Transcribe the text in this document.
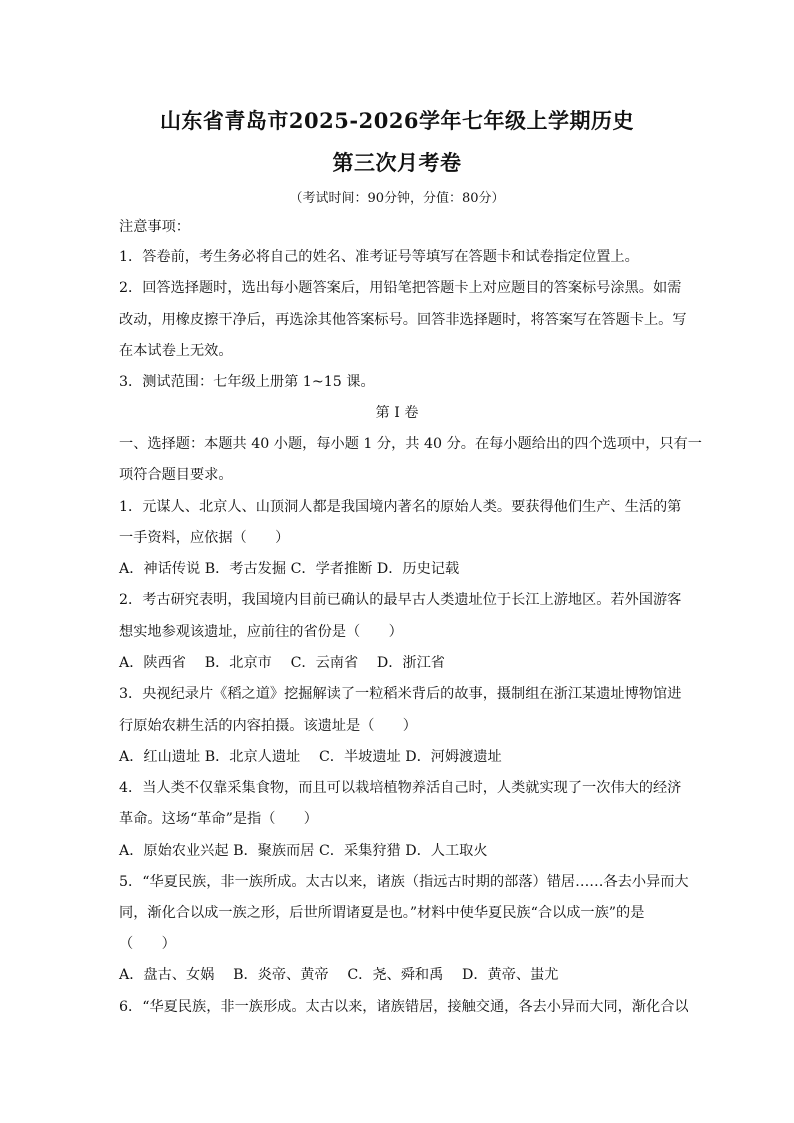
山东省青岛市2025-2026学年七年级上学期历史
第三次月考卷
（考试时间：90分钟，分值：80分）
注意事项：
1．答卷前，考生务必将自己的姓名、准考证号等填写在答题卡和试卷指定位置上。
2．回答选择题时，选出每小题答案后，用铅笔把答题卡上对应题目的答案标号涂黑。如需
改动，用橡皮擦干净后，再选涂其他答案标号。回答非选择题时，将答案写在答题卡上。写
在本试卷上无效。
3．测试范围：七年级上册第 1~15 课。
第 I 卷
一、选择题：本题共 40 小题，每小题 1 分，共 40 分。在每小题给出的四个选项中，只有一
项符合题目要求。
1．元谋人、北京人、山顶洞人都是我国境内著名的原始人类。要获得他们生产、生活的第
一手资料，应依据（　　）
A．神话传说 B．考古发掘 C．学者推断 D．历史记载
2．考古研究表明，我国境内目前已确认的最早古人类遗址位于长江上游地区。若外国游客
想实地参观该遗址，应前往的省份是（　　）
A．陕西省　 B．北京市　 C．云南省　 D．浙江省
3．央视纪录片《稻之道》挖掘解读了一粒稻米背后的故事，摄制组在浙江某遗址博物馆进
行原始农耕生活的内容拍摄。该遗址是（　　）
A．红山遗址 B．北京人遗址　 C．半坡遗址 D．河姆渡遗址
4．当人类不仅靠采集食物，而且可以栽培植物养活自己时，人类就实现了一次伟大的经济
革命。这场“革命”是指（　　）
A．原始农业兴起 B．聚族而居 C．采集狩猎 D．人工取火
5．“华夏民族，非一族所成。太古以来，诸族（指远古时期的部落）错居……各去小异而大
同，渐化合以成一族之形，后世所谓诸夏是也。”材料中使华夏民族“合以成一族”的是
（　　）
A．盘古、女娲　 B．炎帝、黄帝　 C．尧、舜和禹　 D．黄帝、蚩尤
6．“华夏民族，非一族形成。太古以来，诸族错居，接触交通，各去小异而大同，渐化合以
